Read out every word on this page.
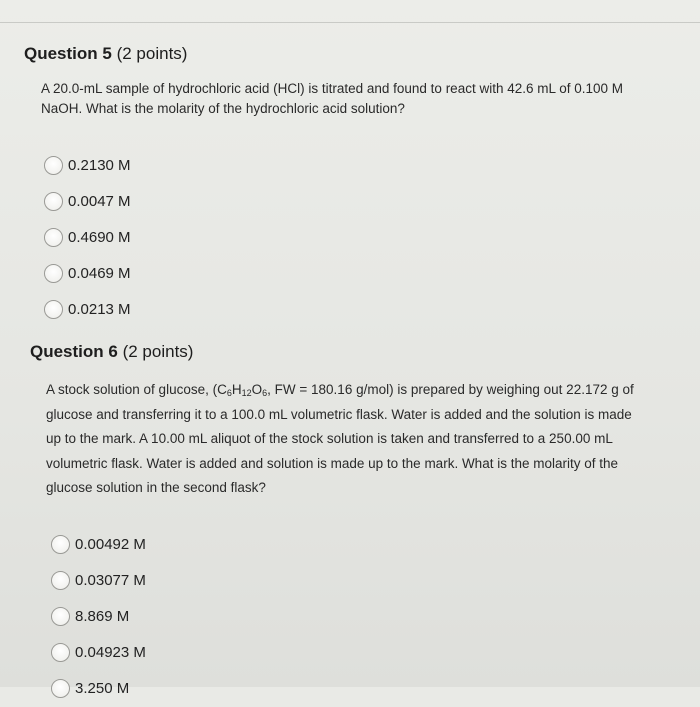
Question 5 (2 points)
A 20.0-mL sample of hydrochloric acid (HCl) is titrated and found to react with 42.6 mL of 0.100 M
NaOH. What is the molarity of the hydrochloric acid solution?
0.2130 M
0.0047 M
0.4690 M
0.0469 M
0.0213 M
Question 6 (2 points)
A stock solution of glucose, ($C_6H_{12}O_6$, FW = 180.16 g/mol) is prepared by weighing out 22.172 g of
glucose and transferring it to a 100.0 mL volumetric flask. Water is added and the solution is made
up to the mark. A 10.00 mL aliquot of the stock solution is taken and transferred to a 250.00 mL
volumetric flask. Water is added and solution is made up to the mark. What is the molarity of the
glucose solution in the second flask?
0.00492 M
0.03077 M
8.869 M
0.04923 M
3.250 M
